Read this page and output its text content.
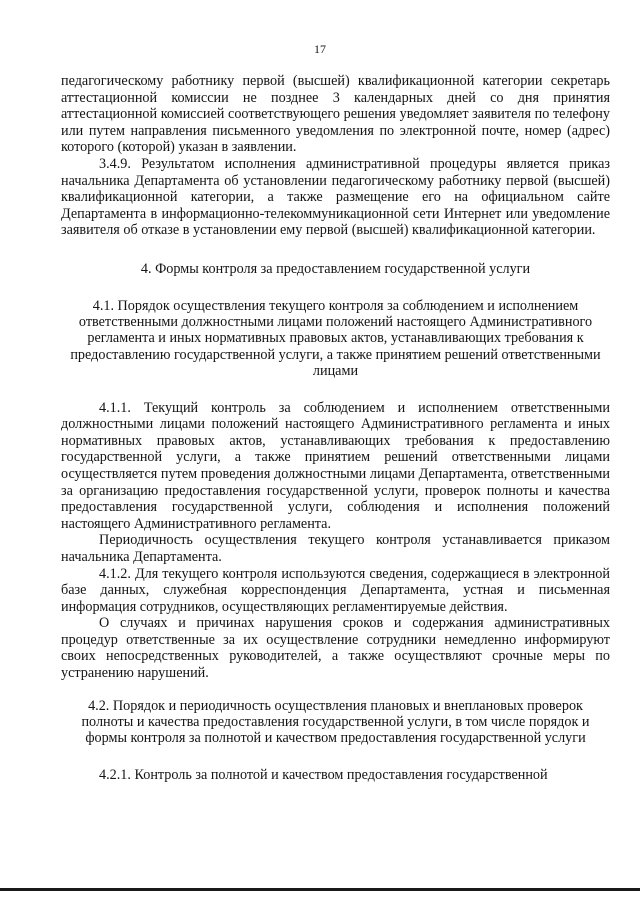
17

педагогическому работнику первой (высшей) квалификационной категории секретарь аттестационной комиссии не позднее 3 календарных дней со дня принятия аттестационной комиссией соответствующего решения уведомляет заявителя по телефону или путем направления письменного уведомления по электронной почте, номер (адрес) которого (которой) указан в заявлении.

3.4.9. Результатом исполнения административной процедуры является приказ начальника Департамента об установлении педагогическому работнику первой (высшей) квалификационной категории, а также размещение его на официальном сайте Департамента в информационно-телекоммуникационной сети Интернет или уведомление заявителя об отказе в установлении ему первой (высшей) квалификационной категории.

4. Формы контроля за предоставлением государственной услуги

4.1. Порядок осуществления текущего контроля за соблюдением и исполнением ответственными должностными лицами положений настоящего Административного регламента и иных нормативных правовых актов, устанавливающих требования к предоставлению государственной услуги, а также принятием решений ответственными лицами

4.1.1. Текущий контроль за соблюдением и исполнением ответственными должностными лицами положений настоящего Административного регламента и иных нормативных правовых актов, устанавливающих требования к предоставлению государственной услуги, а также принятием решений ответственными лицами осуществляется путем проведения должностными лицами Департамента, ответственными за организацию предоставления государственной услуги, проверок полноты и качества предоставления государственной услуги, соблюдения и исполнения положений настоящего Административного регламента.

Периодичность осуществления текущего контроля устанавливается приказом начальника Департамента.

4.1.2. Для текущего контроля используются сведения, содержащиеся в электронной базе данных, служебная корреспонденция Департамента, устная и письменная информация сотрудников, осуществляющих регламентируемые действия.

О случаях и причинах нарушения сроков и содержания административных процедур ответственные за их осуществление сотрудники немедленно информируют своих непосредственных руководителей, а также осуществляют срочные меры по устранению нарушений.

4.2. Порядок и периодичность осуществления плановых и внеплановых проверок полноты и качества предоставления государственной услуги, в том числе порядок и формы контроля за полнотой и качеством предоставления государственной услуги

4.2.1. Контроль за полнотой и качеством предоставления государственной
